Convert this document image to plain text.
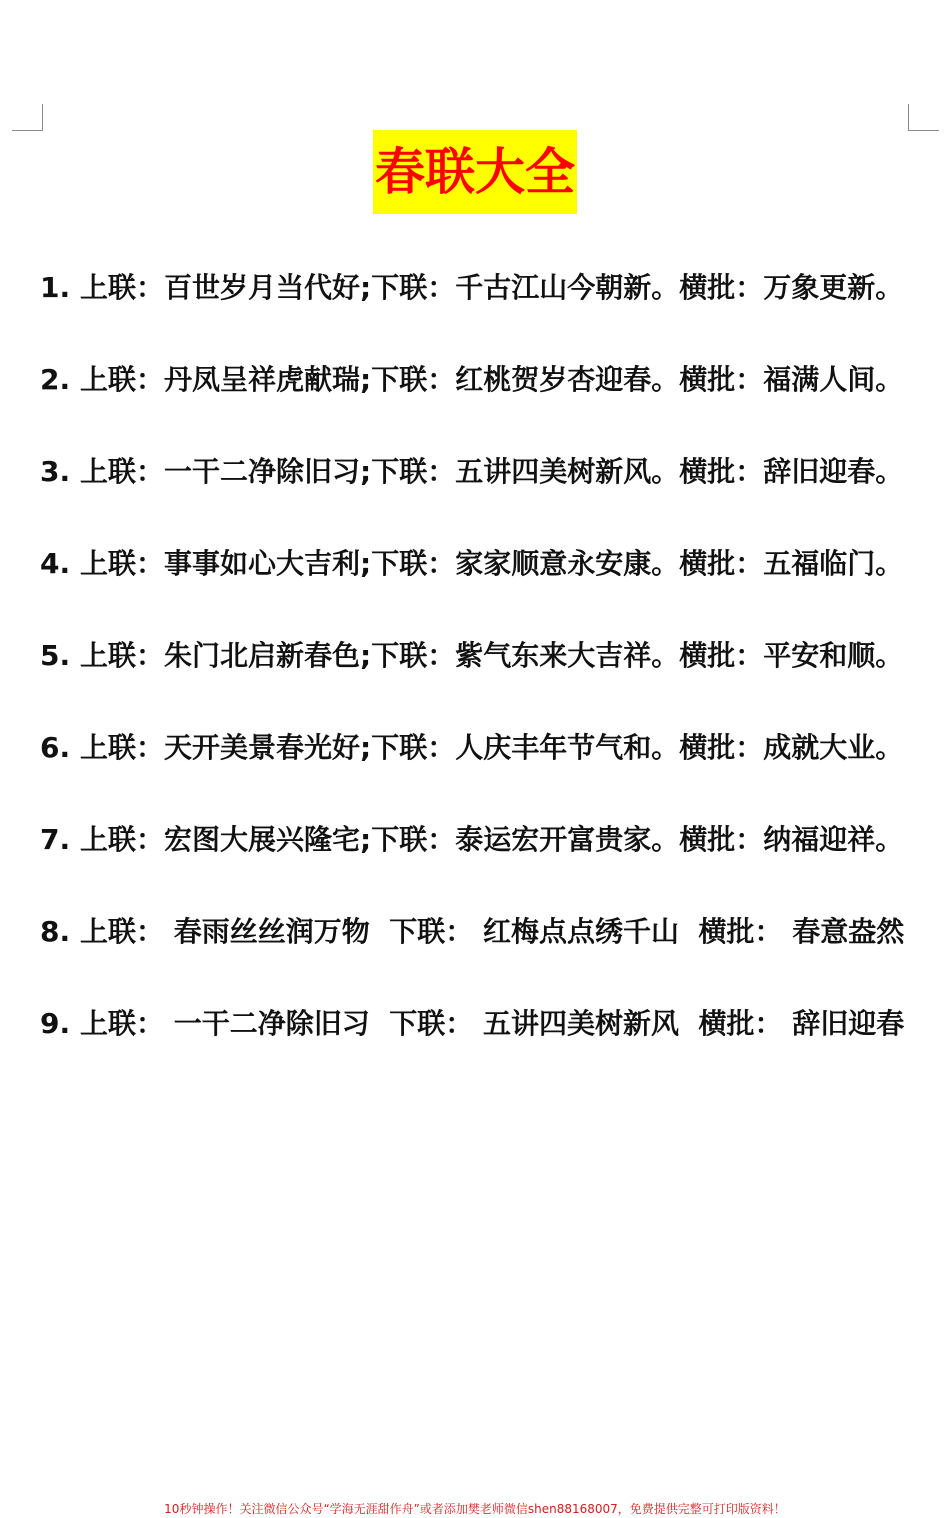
春联大全
1. 上联：百世岁月当代好;下联：千古江山今朝新。横批：万象更新。
2. 上联：丹凤呈祥虎献瑞;下联：红桃贺岁杏迎春。横批：福满人间。
3. 上联：一干二净除旧习;下联：五讲四美树新风。横批：辞旧迎春。
4. 上联：事事如心大吉利;下联：家家顺意永安康。横批：五福临门。
5. 上联：朱门北启新春色;下联：紫气东来大吉祥。横批：平安和顺。
6. 上联：天开美景春光好;下联：人庆丰年节气和。横批：成就大业。
7. 上联：宏图大展兴隆宅;下联：泰运宏开富贵家。横批：纳福迎祥。
8. 上联： 春雨丝丝润万物  下联： 红梅点点绣千山  横批： 春意盎然
9. 上联： 一干二净除旧习  下联： 五讲四美树新风  横批： 辞旧迎春
10秒钟操作！关注微信公众号“学海无涯甜作舟”或者添加樊老师微信shen88168007，免费提供完整可打印版资料！
